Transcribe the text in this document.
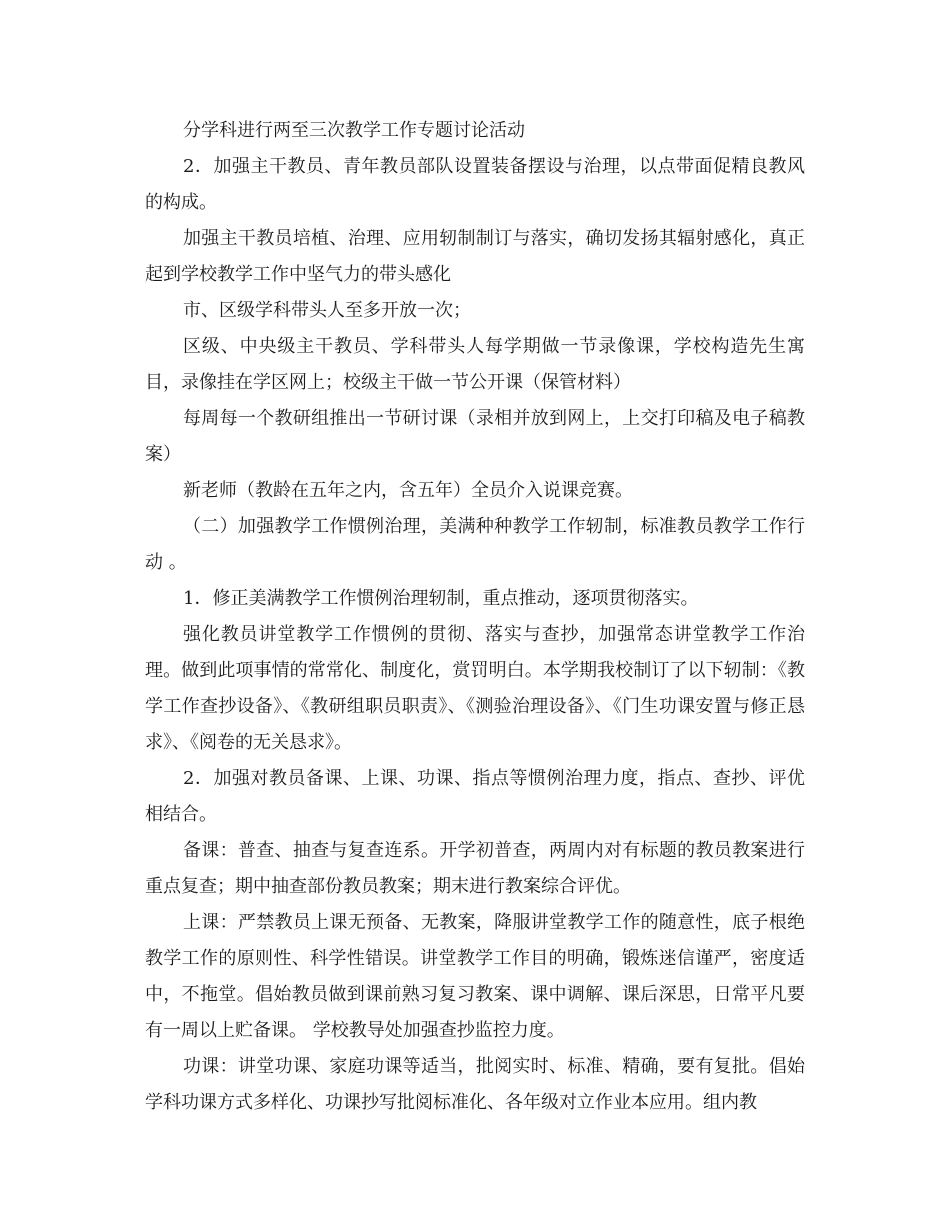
分学科进行两至三次教学工作专题讨论活动

2．加强主干教员、青年教员部队设置装备摆设与治理，以点带面促精良教风的构成。

加强主干教员培植、治理、应用轫制制订与落实，确切发扬其辐射感化，真正起到学校教学工作中坚气力的带头感化

市、区级学科带头人至多开放一次；

区级、中央级主干教员、学科带头人每学期做一节录像课，学校构造先生寓目，录像挂在学区网上；校级主干做一节公开课（保管材料）

每周每一个教研组推出一节研讨课（录相并放到网上，上交打印稿及电子稿教案）

新老师（教龄在五年之内，含五年）全员介入说课竞赛。

（二）加强教学工作惯例治理，美满种种教学工作轫制，标准教员教学工作行动 。

1．修正美满教学工作惯例治理轫制，重点推动，逐项贯彻落实。

强化教员讲堂教学工作惯例的贯彻、落实与查抄，加强常态讲堂教学工作治理。做到此项事情的常常化、制度化，赏罚明白。本学期我校制订了以下轫制：《教学工作查抄设备》、《教研组职员职责》、《测验治理设备》、《门生功课安置与修正恳求》、《阅卷的无关恳求》。

2．加强对教员备课、上课、功课、指点等惯例治理力度，指点、查抄、评优相结合。

备课：普查、抽查与复查连系。开学初普查，两周内对有标题的教员教案进行重点复查；期中抽查部份教员教案；期末进行教案综合评优。

上课：严禁教员上课无预备、无教案，降服讲堂教学工作的随意性，底子根绝教学工作的原则性、科学性错误。讲堂教学工作目的明确，锻炼迷信谨严，密度适中，不拖堂。倡始教员做到课前熟习复习教案、课中调解、课后深思，日常平凡要有一周以上贮备课。 学校教导处加强查抄监控力度。

功课：讲堂功课、家庭功课等适当，批阅实时、标准、精确，要有复批。倡始学科功课方式多样化、功课抄写批阅标准化、各年级对立作业本应用。组内教
